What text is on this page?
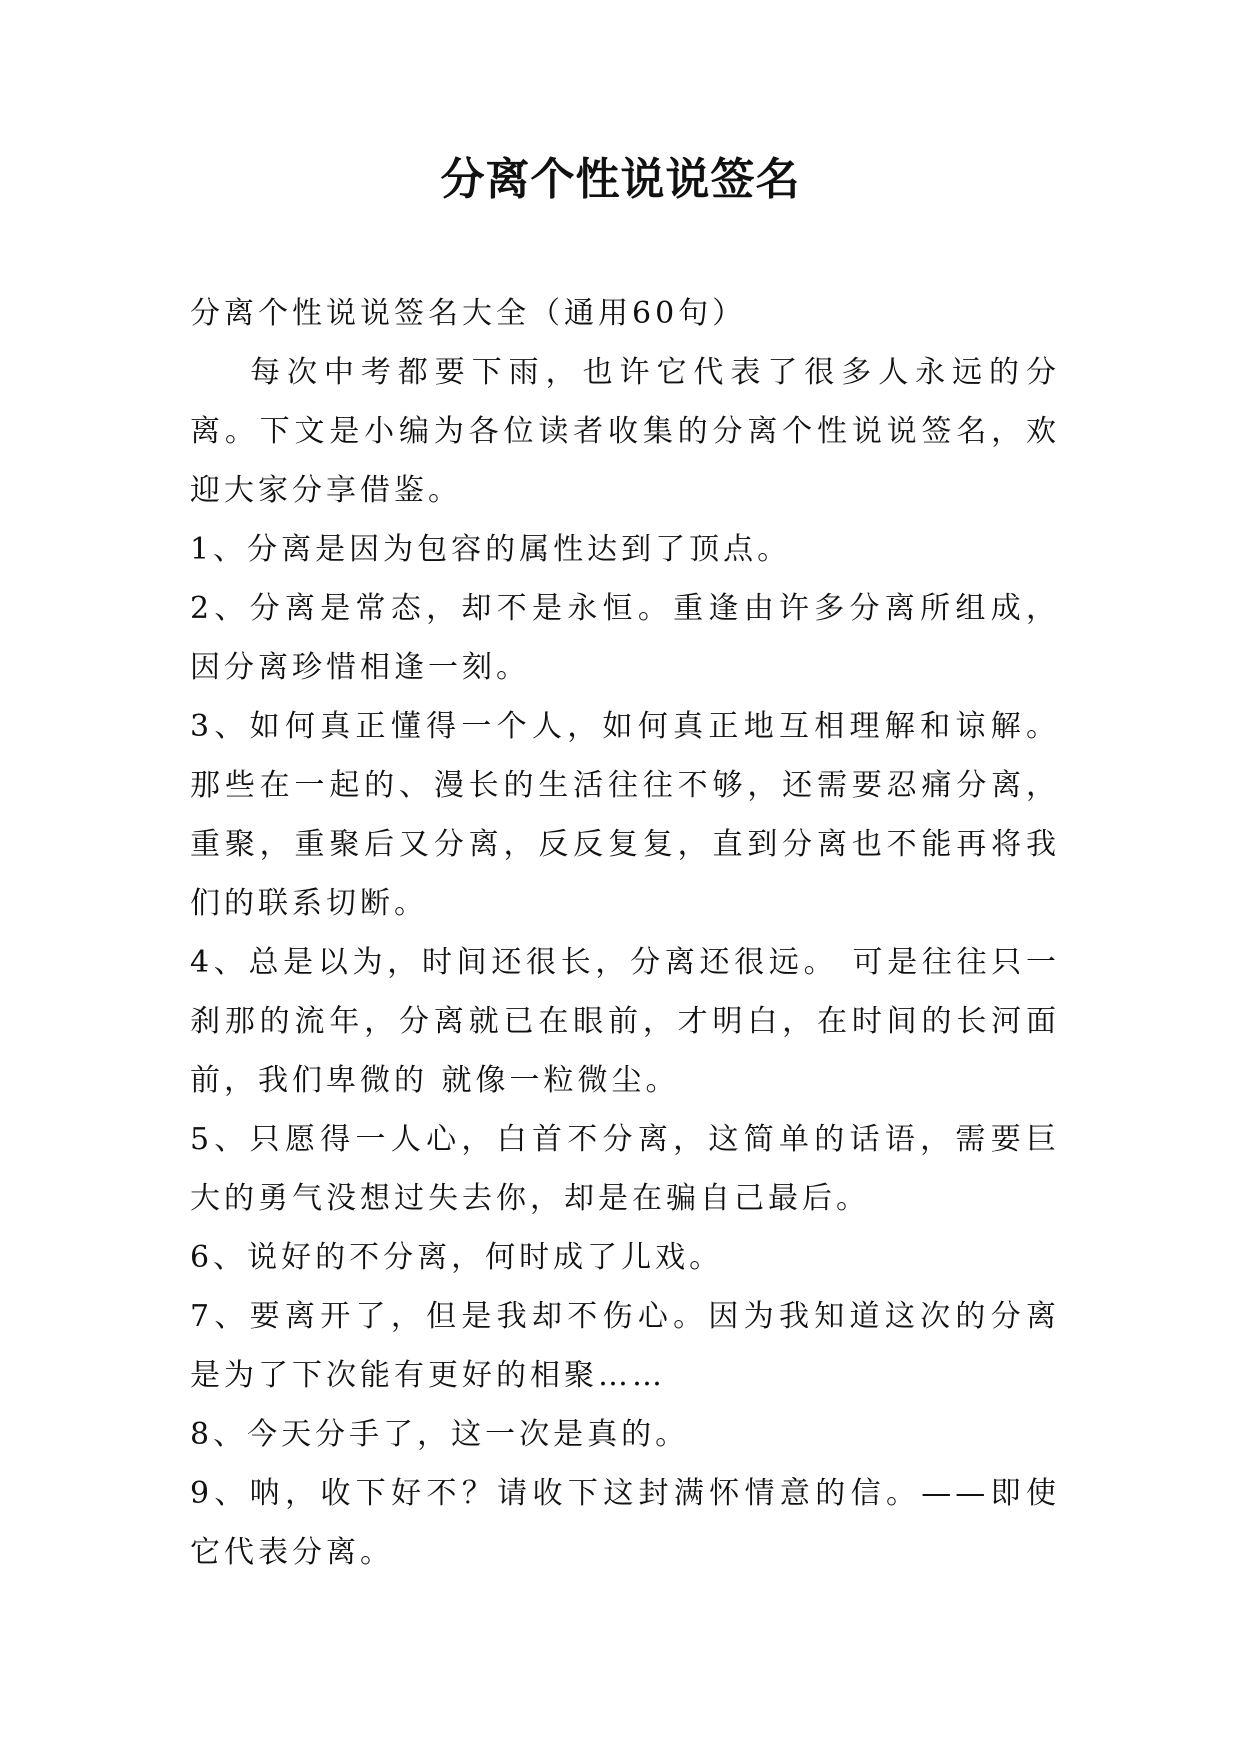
分离个性说说签名

分离个性说说签名大全（通用60句）

每次中考都要下雨，也许它代表了很多人永远的分离。下文是小编为各位读者收集的分离个性说说签名，欢迎大家分享借鉴。

1、分离是因为包容的属性达到了顶点。

2、分离是常态，却不是永恒。重逢由许多分离所组成，因分离珍惜相逢一刻。

3、如何真正懂得一个人，如何真正地互相理解和谅解。那些在一起的、漫长的生活往往不够，还需要忍痛分离，重聚，重聚后又分离，反反复复，直到分离也不能再将我们的联系切断。

4、总是以为，时间还很长，分离还很远。 可是往往只一刹那的流年，分离就已在眼前，才明白，在时间的长河面前，我们卑微的 就像一粒微尘。

5、只愿得一人心，白首不分离，这简单的话语，需要巨大的勇气没想过失去你，却是在骗自己最后。

6、说好的不分离，何时成了儿戏。

7、要离开了，但是我却不伤心。因为我知道这次的分离是为了下次能有更好的相聚……

8、今天分手了，这一次是真的。

9、呐，收下好不？请收下这封满怀情意的信。——即使它代表分离。
